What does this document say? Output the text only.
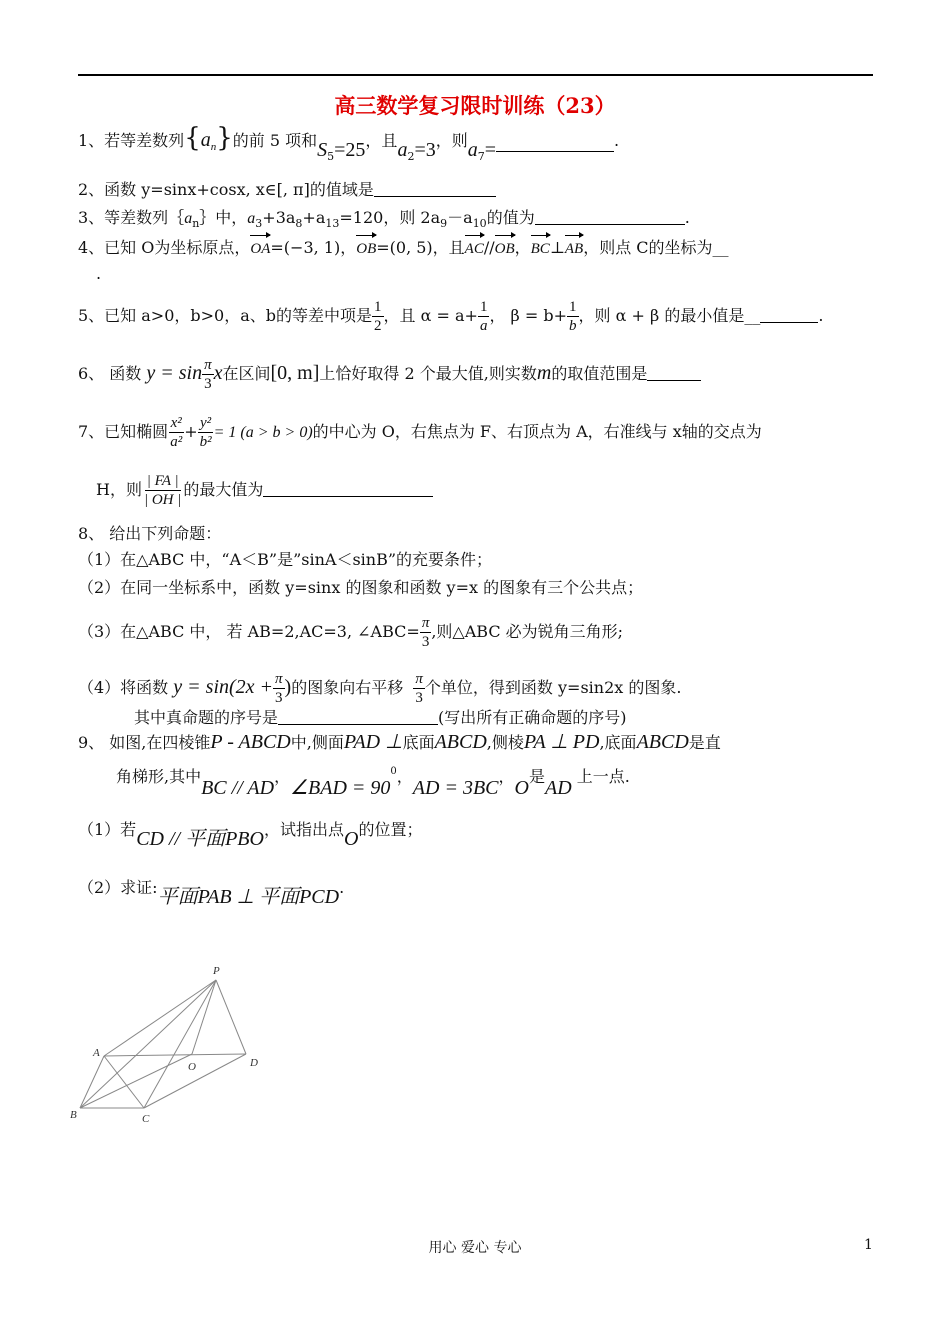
高三数学复习限时训练（23）
1、若等差数列$\{a_n\}$的前 5 项和$S_5=25$，且$a_2=3$，则$a_7=$	.
2、函数 y=sinx+cosx, x∈[, π]的值域是
3、等差数列$\{a_n\}$中，$a_3+3a_8+a_{13}=120$，则 $2a_9-a_{10}$的值为	.
4、已知 O为坐标原点，OA=(−3, 1)，OB=(0, 5)，且AC//OB，BC⊥AB，则点 C的坐标为__
.
5、已知 a>0，b>0，a、b的等差中项是 $\frac{1}{2}$ ，且 $\alpha = a+ \frac{1}{a}$ ， $\beta = b+ \frac{1}{b}$ ，则 α + β 的最小值是__	.
6、 函数 $y = \sin \frac{\pi}{3}$ x在区间[0, m]上恰好取得 2 个最大值,则实数m的取值范围是
7、已知椭圆 $\frac{\text{x²}}{\text{a²}} + \frac{\text{y²}}{\text{b²}} = 1$ (a > b > 0)的中心为 O，右焦点为 F、右顶点为 A，右准线与 x轴的交点为
H，则 $\frac{| FA |}{| OH |}$ 的最大值为
8、 给出下列命题：
（1）在△ABC 中，“A＜B”是”sinA＜sinB”的充要条件；
（2）在同一坐标系中，函数 y=sinx 的图象和函数 y=x 的图象有三个公共点；
（3）在△ABC 中， 若 AB=2,AC=3, ∠ABC= $\frac{\pi}{3}$ ,则△ABC 必为锐角三角形;
（4）将函数 $y = \sin(2x + \frac{\pi}{3}$ )的图象向右平移 $\frac{\pi}{3}$ 个单位，得到函数 y=sin2x 的图象.
其中真命题的序号是	(写出所有正确命题的序号)
9、 如图,在四棱锥P - ABCD中,侧面PAD ⊥底面ABCD,侧棱PA ⊥ PD,底面ABCD是直
角梯形,其中BC // AD，∠BAD = $90^0$，AD = 3BC，O是AD 上一点.
（1）若CD // 平面PBO，试指出点O的位置；
（2）求证:平面PAB ⊥ 平面PCD.
P
A
O	D
B	C
用心 爱心 专心	1
